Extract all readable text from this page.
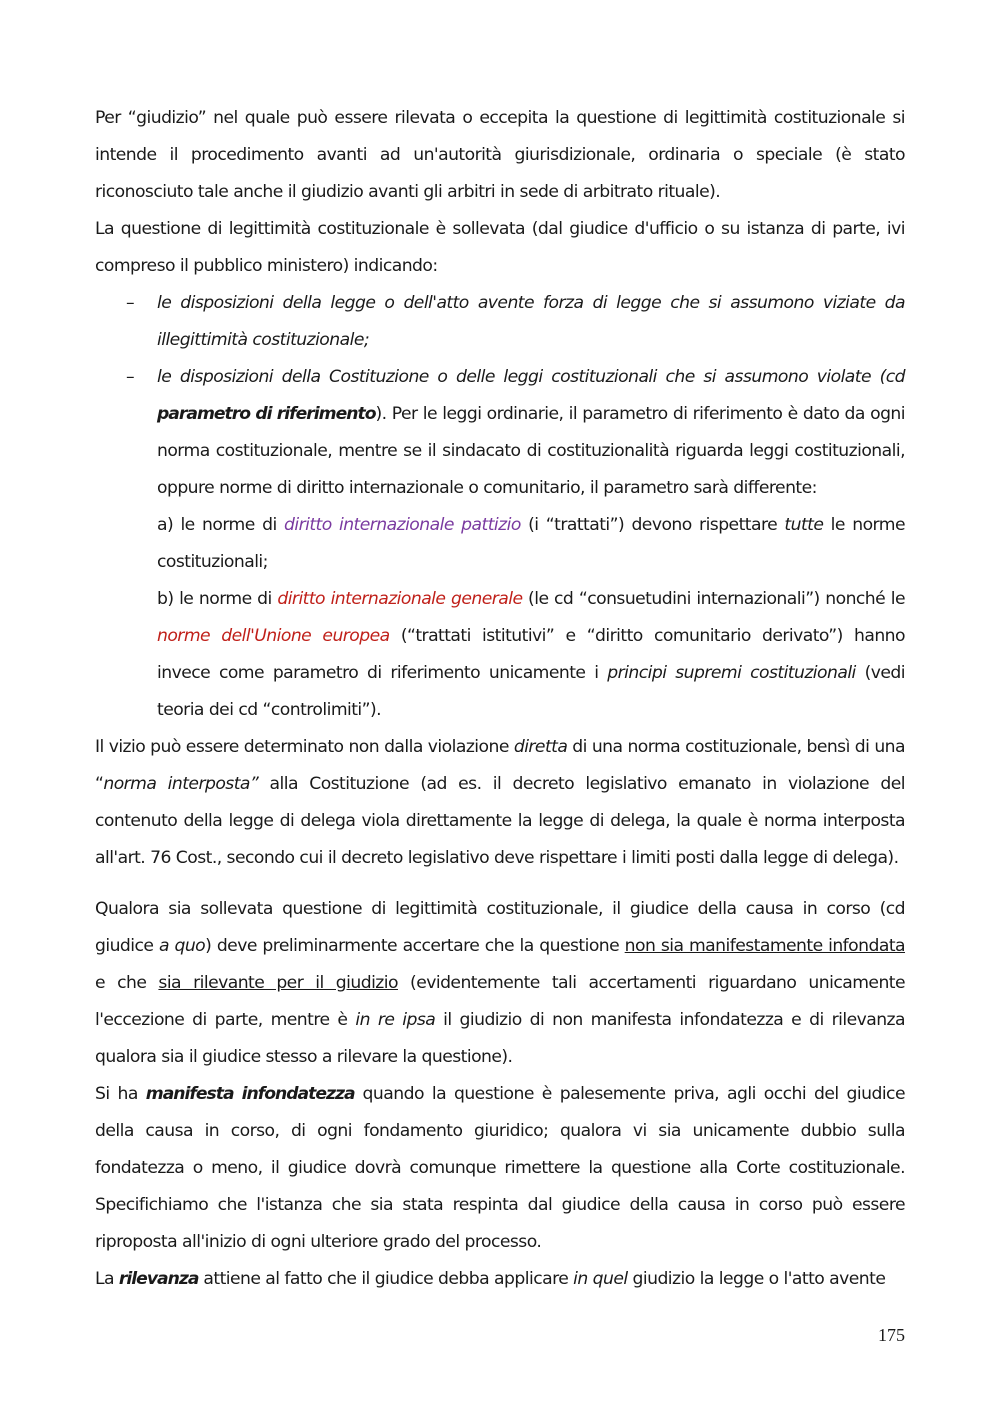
Per “giudizio” nel quale può essere rilevata o eccepita la questione di legittimità costituzionale si intende il procedimento avanti ad un'autorità giurisdizionale, ordinaria o speciale (è stato riconosciuto tale anche il giudizio avanti gli arbitri in sede di arbitrato rituale).

La questione di legittimità costituzionale è sollevata (dal giudice d'ufficio o su istanza di parte, ivi compreso il pubblico ministero) indicando:

– le disposizioni della legge o dell'atto avente forza di legge che si assumono viziate da illegittimità costituzionale;
– le disposizioni della Costituzione o delle leggi costituzionali che si assumono violate (cd parametro di riferimento). Per le leggi ordinarie, il parametro di riferimento è dato da ogni norma costituzionale, mentre se il sindacato di costituzionalità riguarda leggi costituzionali, oppure norme di diritto internazionale o comunitario, il parametro sarà differente:

a) le norme di diritto internazionale pattizio (i “trattati”) devono rispettare tutte le norme costituzionali;

b) le norme di diritto internazionale generale (le cd “consuetudini internazionali”) nonché le norme dell'Unione europea (“trattati istitutivi” e “diritto comunitario derivato”) hanno invece come parametro di riferimento unicamente i principi supremi costituzionali (vedi teoria dei cd “controlimiti”).

Il vizio può essere determinato non dalla violazione diretta di una norma costituzionale, bensì di una “norma interposta” alla Costituzione (ad es. il decreto legislativo emanato in violazione del contenuto della legge di delega viola direttamente la legge di delega, la quale è norma interposta all'art. 76 Cost., secondo cui il decreto legislativo deve rispettare i limiti posti dalla legge di delega).

Qualora sia sollevata questione di legittimità costituzionale, il giudice della causa in corso (cd giudice a quo) deve preliminarmente accertare che la questione non sia manifestamente infondata e che sia rilevante per il giudizio (evidentemente tali accertamenti riguardano unicamente l'eccezione di parte, mentre è in re ipsa il giudizio di non manifesta infondatezza e di rilevanza qualora sia il giudice stesso a rilevare la questione).

Si ha manifesta infondatezza quando la questione è palesemente priva, agli occhi del giudice della causa in corso, di ogni fondamento giuridico; qualora vi sia unicamente dubbio sulla fondatezza o meno, il giudice dovrà comunque rimettere la questione alla Corte costituzionale. Specifichiamo che l'istanza che sia stata respinta dal giudice della causa in corso può essere riproposta all'inizio di ogni ulteriore grado del processo.

La rilevanza attiene al fatto che il giudice debba applicare in quel giudizio la legge o l'atto avente

175
